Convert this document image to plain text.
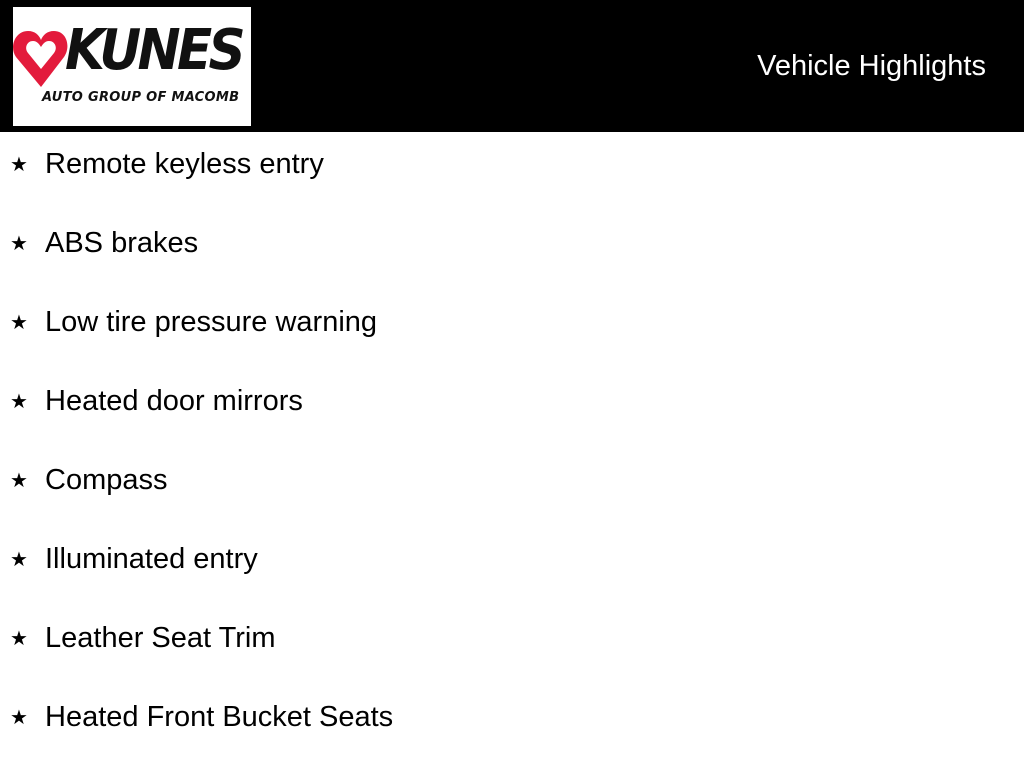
KUNES
AUTO GROUP OF MACOMB
Vehicle Highlights
★ Remote keyless entry
★ ABS brakes
★ Low tire pressure warning
★ Heated door mirrors
★ Compass
★ Illuminated entry
★ Leather Seat Trim
★ Heated Front Bucket Seats
